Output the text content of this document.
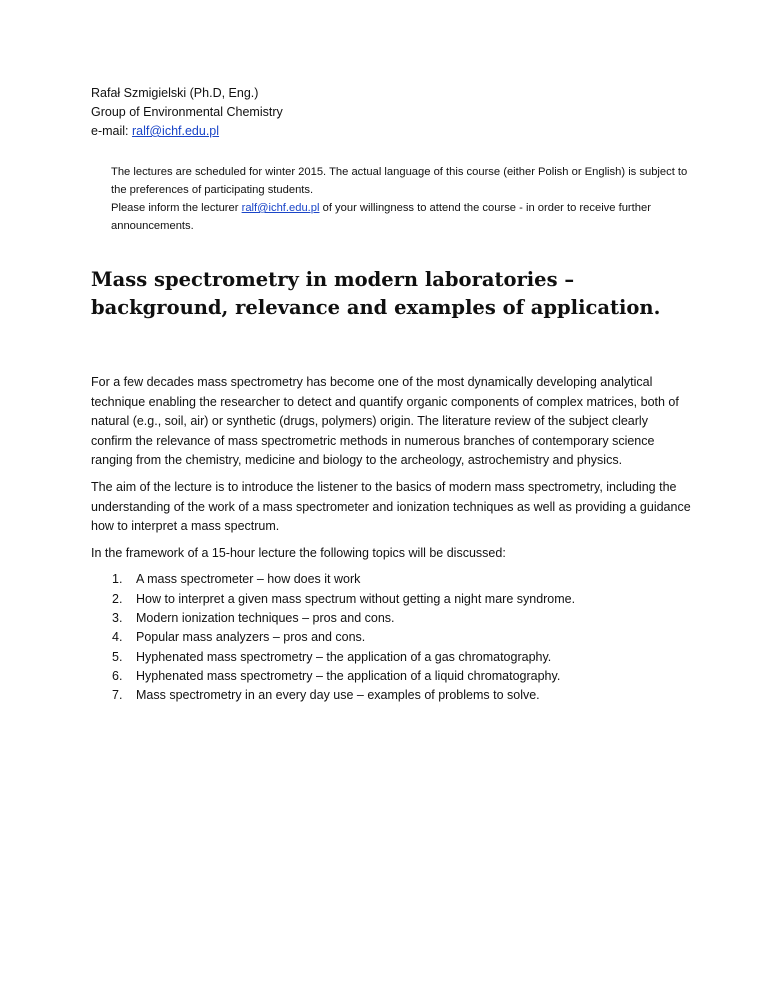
Rafał Szmigielski (Ph.D, Eng.)
Group of Environmental Chemistry
e-mail: ralf@ichf.edu.pl

The lectures are scheduled for winter 2015. The actual language of this course (either Polish or English) is subject to the preferences of participating students.

Please inform the lecturer ralf@ichf.edu.pl of your willingness to attend the course - in order to receive further announcements.

Mass spectrometry in modern laboratories – background, relevance and examples of application.

For a few decades mass spectrometry has become one of the most dynamically developing analytical technique enabling the researcher to detect and quantify organic components of complex matrices, both of natural (e.g., soil, air) or synthetic (drugs, polymers) origin. The literature review of the subject clearly confirm the relevance of mass spectrometric methods in numerous branches of contemporary science ranging from the chemistry, medicine and biology to the archeology, astrochemistry and physics.

The aim of the lecture is to introduce the listener to the basics of modern mass spectrometry, including the understanding of the work of a mass spectrometer and ionization techniques as well as providing a guidance how to interpret a mass spectrum.

In the framework of a 15-hour lecture the following topics will be discussed:

1.	A mass spectrometer – how does it work
2.	How to interpret a given mass spectrum without getting a night mare syndrome.
3.	Modern ionization techniques – pros and cons.
4.	Popular mass analyzers – pros and cons.
5.	Hyphenated mass spectrometry – the application of a gas chromatography.
6.	Hyphenated mass spectrometry – the application of a liquid chromatography.
7.	Mass spectrometry in an every day use – examples of problems to solve.
